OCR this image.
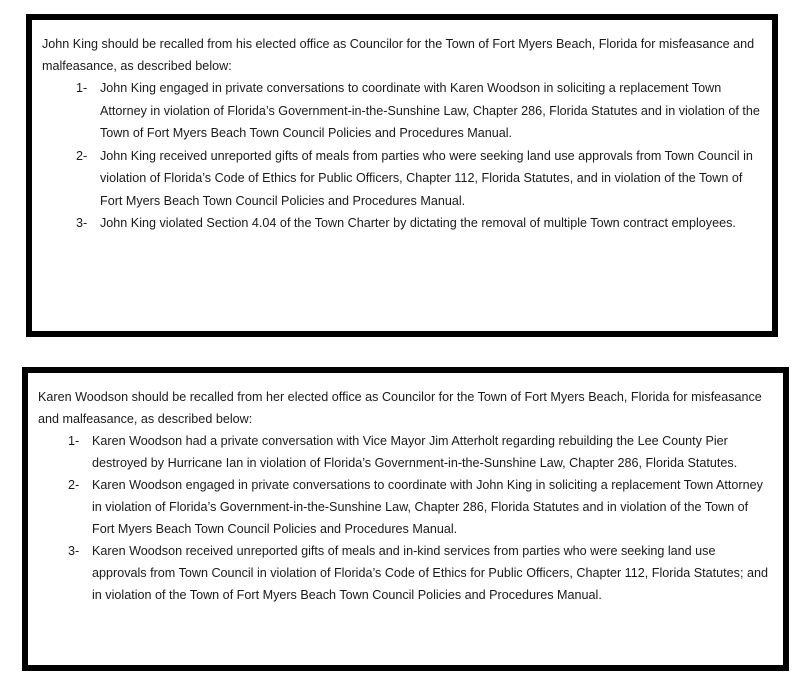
John King should be recalled from his elected office as Councilor for the Town of Fort Myers Beach, Florida for misfeasance and malfeasance, as described below:

1- John King engaged in private conversations to coordinate with Karen Woodson in soliciting a replacement Town Attorney in violation of Florida’s Government-in-the-Sunshine Law, Chapter 286, Florida Statutes and in violation of the Town of Fort Myers Beach Town Council Policies and Procedures Manual.
2- John King received unreported gifts of meals from parties who were seeking land use approvals from Town Council in violation of Florida’s Code of Ethics for Public Officers, Chapter 112, Florida Statutes, and in violation of the Town of Fort Myers Beach Town Council Policies and Procedures Manual.
3- John King violated Section 4.04 of the Town Charter by dictating the removal of multiple Town contract employees.

Karen Woodson should be recalled from her elected office as Councilor for the Town of Fort Myers Beach, Florida for misfeasance and malfeasance, as described below:

1- Karen Woodson had a private conversation with Vice Mayor Jim Atterholt regarding rebuilding the Lee County Pier destroyed by Hurricane Ian in violation of Florida’s Government-in-the-Sunshine Law, Chapter 286, Florida Statutes.
2- Karen Woodson engaged in private conversations to coordinate with John King in soliciting a replacement Town Attorney in violation of Florida’s Government-in-the-Sunshine Law, Chapter 286, Florida Statutes and in violation of the Town of Fort Myers Beach Town Council Policies and Procedures Manual.
3- Karen Woodson received unreported gifts of meals and in-kind services from parties who were seeking land use approvals from Town Council in violation of Florida’s Code of Ethics for Public Officers, Chapter 112, Florida Statutes; and in violation of the Town of Fort Myers Beach Town Council Policies and Procedures Manual.
